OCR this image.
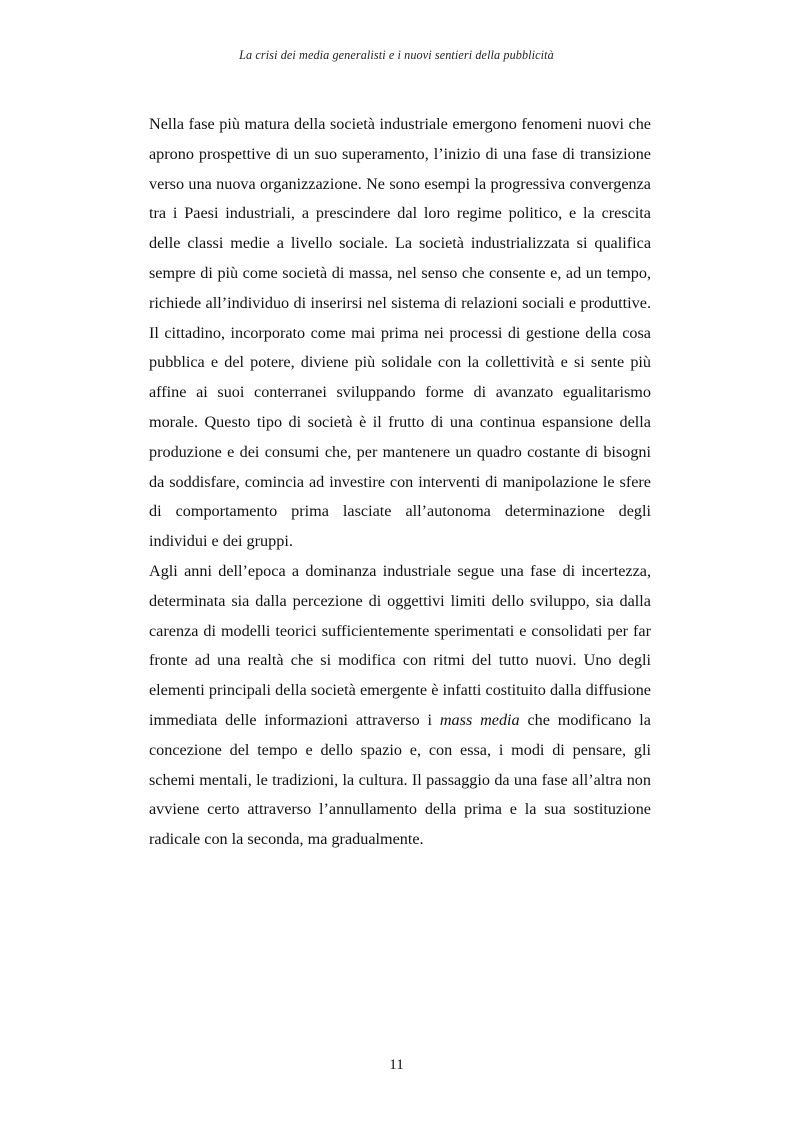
La crisi dei media generalisti e i nuovi sentieri della pubblicità

Nella fase più matura della società industriale emergono fenomeni nuovi che aprono prospettive di un suo superamento, l’inizio di una fase di transizione verso una nuova organizzazione. Ne sono esempi la progressiva convergenza tra i Paesi industriali, a prescindere dal loro regime politico, e la crescita delle classi medie a livello sociale. La società industrializzata si qualifica sempre di più come società di massa, nel senso che consente e, ad un tempo, richiede all’individuo di inserirsi nel sistema di relazioni sociali e produttive. Il cittadino, incorporato come mai prima nei processi di gestione della cosa pubblica e del potere, diviene più solidale con la collettività e si sente più affine ai suoi conterranei sviluppando forme di avanzato egualitarismo morale. Questo tipo di società è il frutto di una continua espansione della produzione e dei consumi che, per mantenere un quadro costante di bisogni da soddisfare, comincia ad investire con interventi di manipolazione le sfere di comportamento prima lasciate all’autonoma determinazione degli individui e dei gruppi.

Agli anni dell’epoca a dominanza industriale segue una fase di incertezza, determinata sia dalla percezione di oggettivi limiti dello sviluppo, sia dalla carenza di modelli teorici sufficientemente sperimentati e consolidati per far fronte ad una realtà che si modifica con ritmi del tutto nuovi. Uno degli elementi principali della società emergente è infatti costituito dalla diffusione immediata delle informazioni attraverso i mass media che modificano la concezione del tempo e dello spazio e, con essa, i modi di pensare, gli schemi mentali, le tradizioni, la cultura. Il passaggio da una fase all’altra non avviene certo attraverso l’annullamento della prima e la sua sostituzione radicale con la seconda, ma gradualmente.

11
